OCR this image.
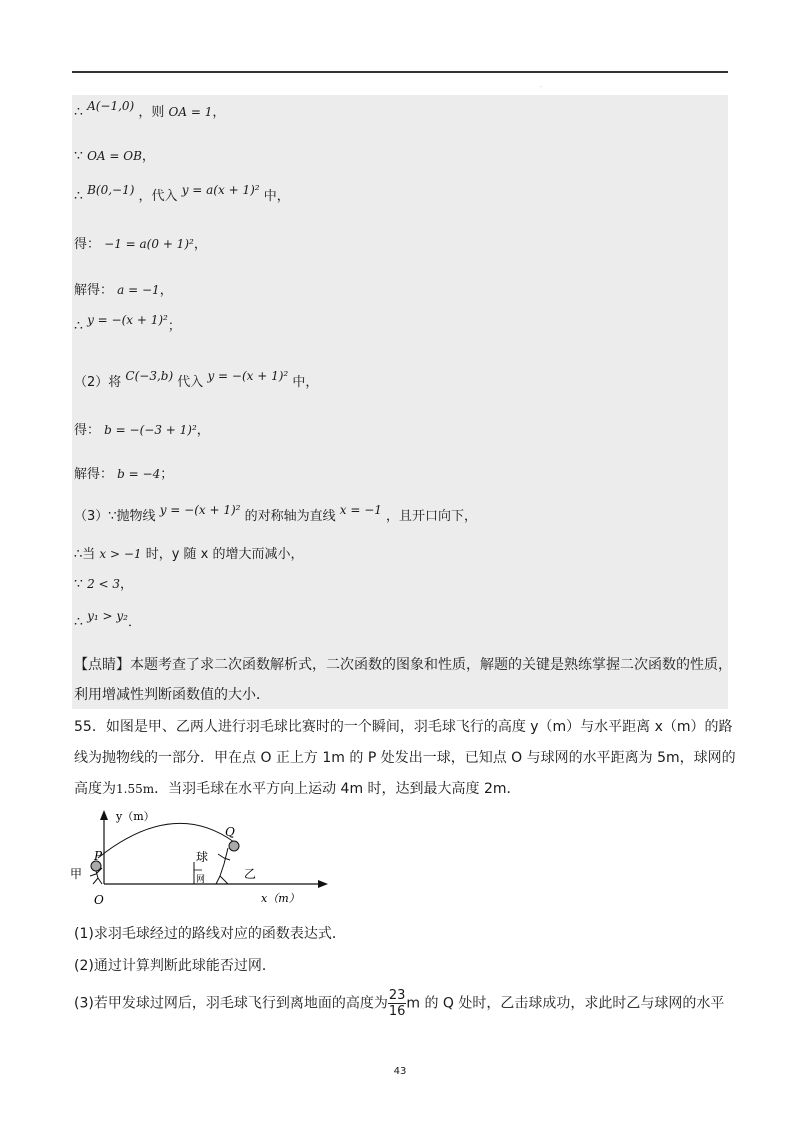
·
∴ A(−1,0) ，则 OA = 1，
∵ OA = OB，
∴ B(0,−1) ，代入 y = a(x + 1)² 中，
得： −1 = a(0 + 1)²，
解得： a = −1，
∴ y = −(x + 1)²；
（2）将 C(−3,b) 代入 y = −(x + 1)² 中，
得： b = −(−3 + 1)²，
解得： b = −4；
（3）∵抛物线 y = −(x + 1)² 的对称轴为直线 x = −1 ，且开口向下，
∴当 x > −1 时，y 随 x 的增大而减小，
∵ 2 < 3，
∴ y₁ > y₂．
【点睛】本题考查了求二次函数解析式，二次函数的图象和性质，解题的关键是熟练掌握二次函数的性质，
利用增减性判断函数值的大小．
55．如图是甲、乙两人进行羽毛球比赛时的一个瞬间，羽毛球飞行的高度 y（m）与水平距离 x（m）的路
线为抛物线的一部分．甲在点 O 正上方 1m 的 P 处发出一球，已知点 O 与球网的水平距离为 5m，球网的
高度为1.55m．当羽毛球在水平方向上运动 4m 时，达到最大高度 2m．
球
网
y（m）
x（m）
O
P
Q
甲	乙
(1)求羽毛球经过的路线对应的函数表达式．
(2)通过计算判断此球能否过网．
(3)若甲发球过网后，羽毛球飞行到离地面的高度为 $\frac{23}{16}$ m 的 Q 处时，乙击球成功，求此时乙与球网的水平
43
